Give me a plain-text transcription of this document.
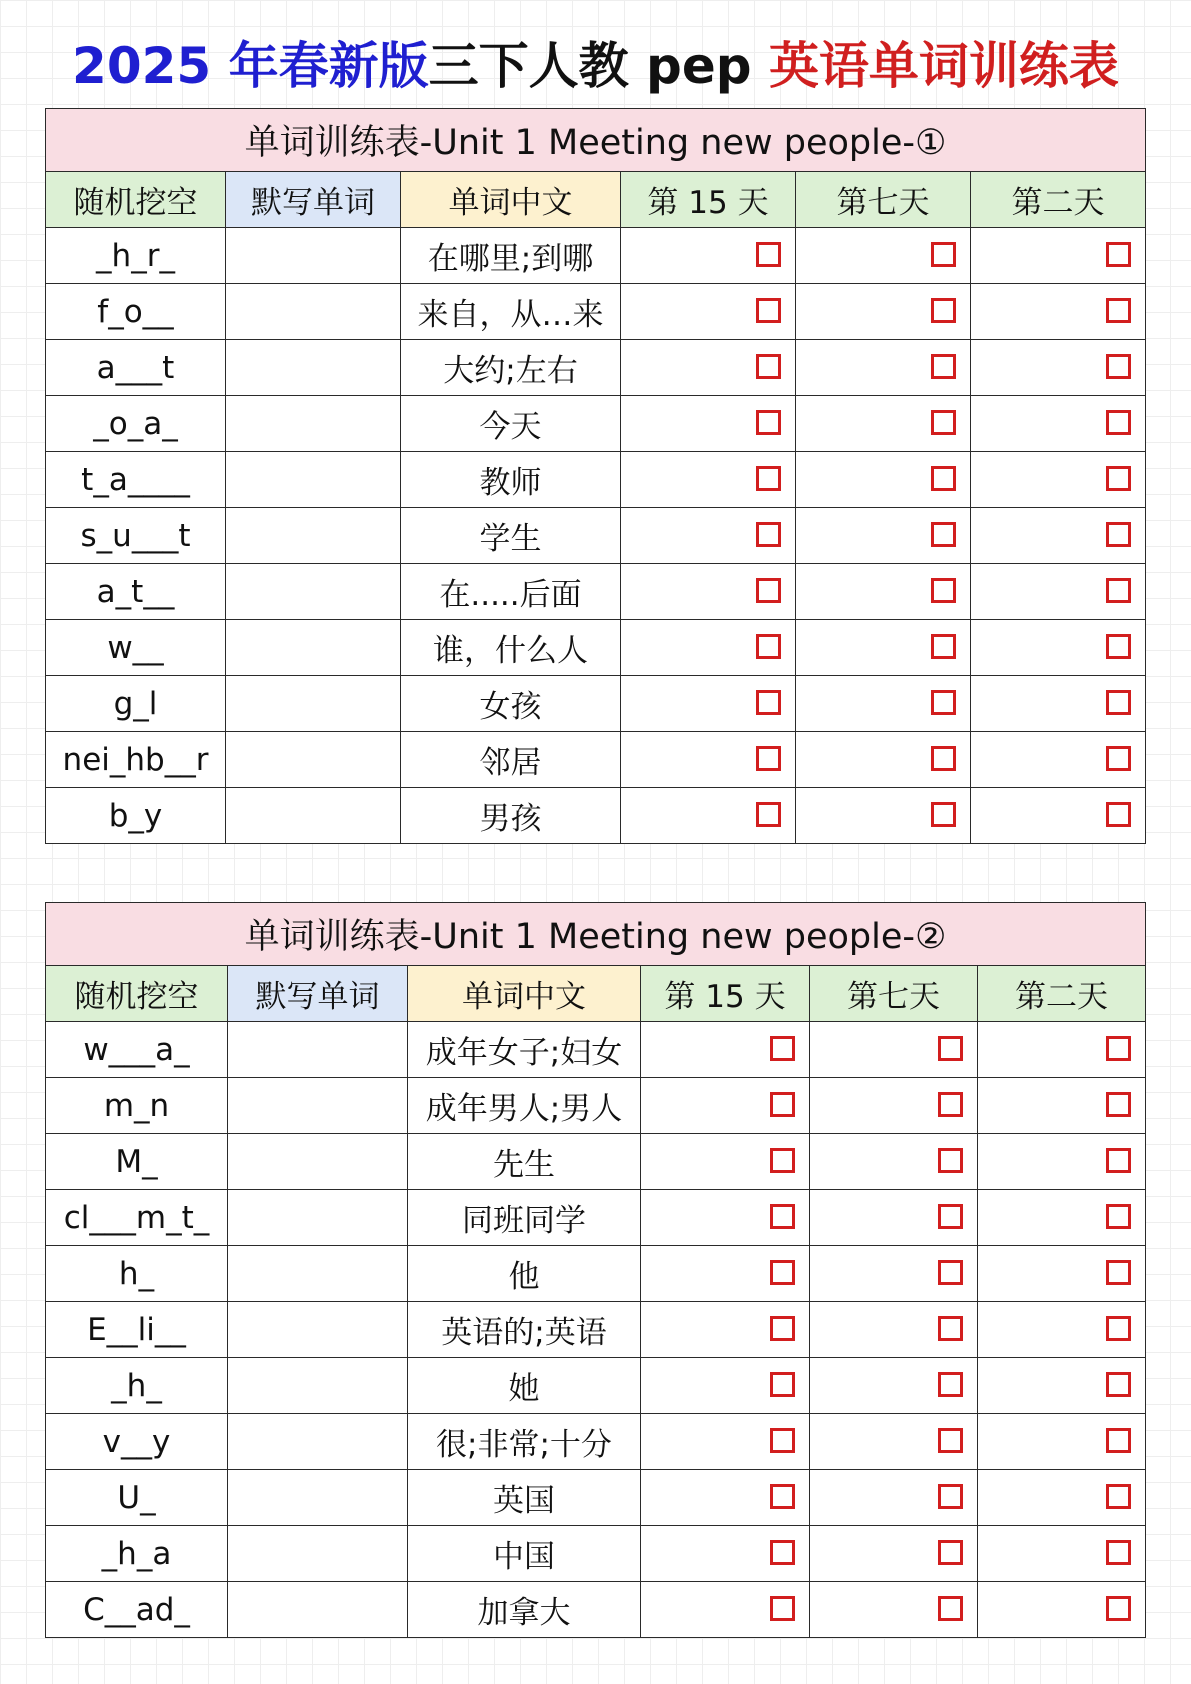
2025 年春新版三下人教 pep 英语单词训练表

单词训练表-Unit 1 Meeting new people-①					
随机挖空	默写单词	单词中文	第 15 天	第七天	第二天
_h_r_		在哪里;到哪	

f_o__		来自，从…来	

a___t		大约;左右	

_o_a_		今天	

t_a____		教师	

s_u___t		学生	

a_t__		在.....后面	

w__		谁，什么人	

g_l		女孩	

nei_hb__r		邻居	

b_y		男孩	

单词训练表-Unit 1 Meeting new people-②					
随机挖空	默写单词	单词中文	第 15 天	第七天	第二天
w___a_		成年女子;妇女	

m_n		成年男人;男人	

M_		先生	

cl___m_t_		同班同学	

h_		他	

E__li__		英语的;英语	

_h_		她	

v__y		很;非常;十分	

U_		英国	

_h_a		中国	

C__ad_		加拿大	
